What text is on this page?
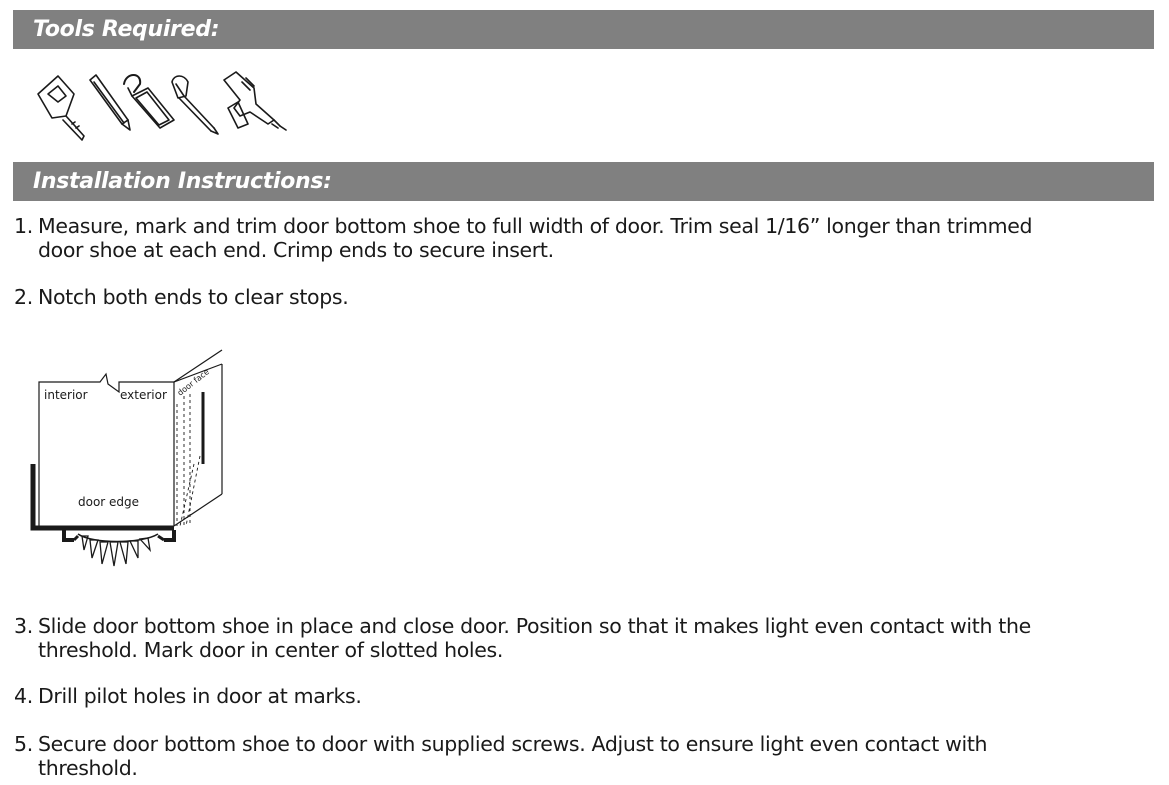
Tools Required:
Installation Instructions:
1. Measure, mark and trim door bottom shoe to full width of door. Trim seal 1/16” longer than trimmed
door shoe at each end. Crimp ends to secure insert.
2. Notch both ends to clear stops.
interior	exterior
door edge
door face
3. Slide door bottom shoe in place and close door. Position so that it makes light even contact with the
threshold. Mark door in center of slotted holes.
4. Drill pilot holes in door at marks.
5. Secure door bottom shoe to door with supplied screws. Adjust to ensure light even contact with
threshold.
